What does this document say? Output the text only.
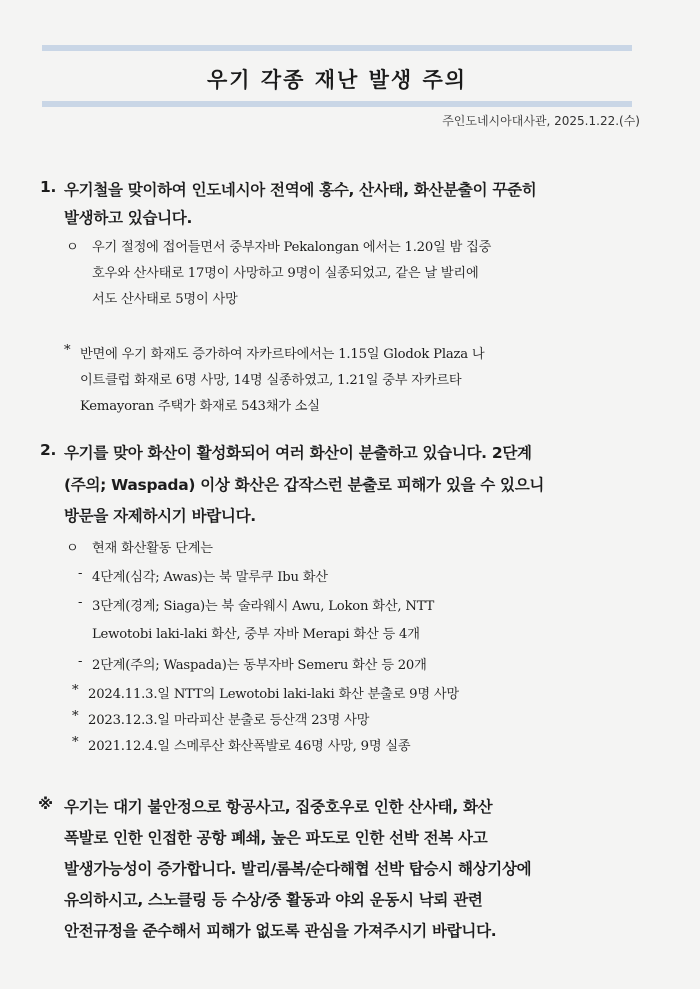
우기 각종 재난 발생 주의
주인도네시아대사관, 2025.1.22.(수)
1. 우기철을 맞이하여 인도네시아 전역에 홍수, 산사태, 화산분출이 꾸준히
발생하고 있습니다.
ㅇ 우기 절정에 접어들면서 중부자바 Pekalongan 에서는 1.20일 밤 집중
호우와 산사태로 17명이 사망하고 9명이 실종되었고, 같은 날 발리에
서도 산사태로 5명이 사망
* 반면에 우기 화재도 증가하여 자카르타에서는 1.15일 Glodok Plaza 나
이트클럽 화재로 6명 사망, 14명 실종하였고, 1.21일 중부 자카르타
Kemayoran 주택가 화재로 543채가 소실
2. 우기를 맞아 화산이 활성화되어 여러 화산이 분출하고 있습니다. 2단계
(주의; Waspada) 이상 화산은 갑작스런 분출로 피해가 있을 수 있으니
방문을 자제하시기 바랍니다.
ㅇ 현재 화산활동 단계는
- 4단계(심각; Awas)는 북 말루쿠 Ibu 화산
- 3단계(경계; Siaga)는 북 술라웨시 Awu, Lokon 화산, NTT
Lewotobi laki-laki 화산, 중부 자바 Merapi 화산 등 4개
- 2단계(주의; Waspada)는 동부자바 Semeru 화산 등 20개
* 2024.11.3.일 NTT의 Lewotobi laki-laki 화산 분출로 9명 사망
* 2023.12.3.일 마라피산 분출로 등산객 23명 사망
* 2021.12.4.일 스메루산 화산폭발로 46명 사망, 9명 실종
※ 우기는 대기 불안정으로 항공사고, 집중호우로 인한 산사태, 화산
폭발로 인한 인접한 공항 폐쇄, 높은 파도로 인한 선박 전복 사고
발생가능성이 증가합니다. 발리/롬복/순다해협 선박 탑승시 해상기상에
유의하시고, 스노클링 등 수상/중 활동과 야외 운동시 낙뢰 관련
안전규정을 준수해서 피해가 없도록 관심을 가져주시기 바랍니다.
